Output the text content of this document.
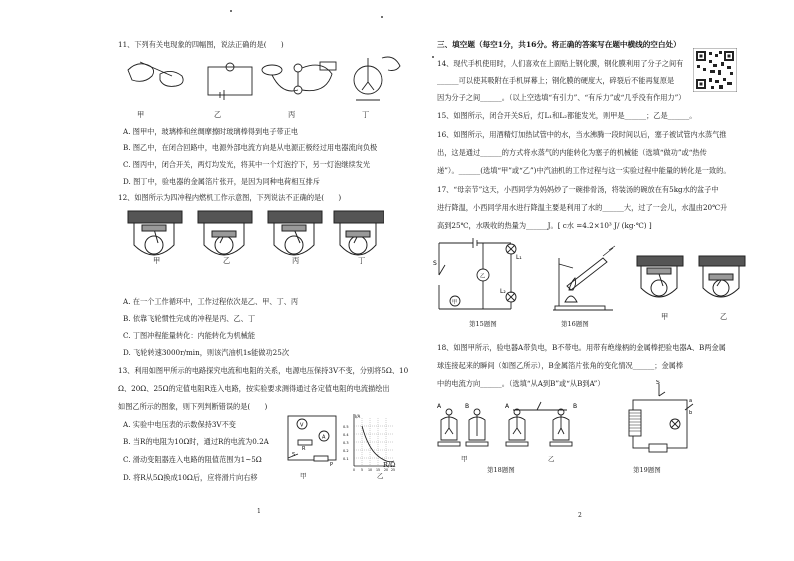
11、下列有关电现象的四幅图，说法正确的是(　　)
甲	乙	丙	丁
A. 图甲中，玻璃棒和丝绸摩擦时玻璃棒得到电子带正电
B. 图乙中，在闭合回路中，电源外部电流方向是从电源正极经过用电器流向负极
C. 图丙中，闭合开关，两灯均发光，将其中一个灯泡拧下，另一灯泡继续发光
D. 图丁中，验电器的金属箔片张开，是因为同种电荷相互排斥
12、如图所示为四冲程内燃机工作示意图，下列说法不正确的是(　　)
甲	乙	丙	丁
A. 在一个工作循环中，工作过程依次是乙、甲、丁、丙
B. 依靠飞轮惯性完成的冲程是丙、乙、丁
C. 丁图冲程能量转化：内能转化为机械能
D. 飞轮转速3000r/min，则该汽油机1s能做功25次
13、利用如图甲所示的电路探究电流和电阻的关系，电源电压保持3V不变，分别将5Ω、10
Ω、20Ω、25Ω的定值电阻R连入电路，按实验要求测得通过各定值电阻的电流描绘出
如图乙所示的图象，则下列判断错误的是(　　)
A. 实验中电压表的示数保持3V不变
B. 当R的电阻为10Ω时，通过R的电流为0.2A
C. 滑动变阻器连入电路的阻值范围为1~5Ω
D. 将R从5Ω换成10Ω后，应将滑片向右移
V
A
R
S
P
甲
I/A
0.5
0.4
0.3
0.2
0.1
0 5 10 15 20 25
乙
R/Ω
1
三、填空题（每空1分，共16分。将正确的答案写在题中横线的空白处）
14、现代手机使用时，人们喜欢在上面贴上钢化膜，钢化膜利用了分子之间有
______可以使其吸附在手机屏幕上；钢化膜的硬度大，碎裂后不能再复原是
因为分子之间______。（以上空选填“有引力”、“有斥力”或“几乎没有作用力”）
15、如图所示，闭合开关S后，灯L₁和L₂都能发光，则甲是______；乙是______。
16、如图所示，用酒精灯加热试管中的水，当水沸腾一段时间以后，塞子被试管内水蒸气推
出，这是通过______的方式将水蒸气的内能转化为塞子的机械能（选填“做功”或“热传
递”）。______(选填“甲”或“乙”)中汽油机的工作过程与这一实验过程中能量的转化是一致的。
17、“母亲节”这天，小西同学为妈妈炒了一碗排骨汤，将装汤的碗放在有5kg水的盆子中
进行降温，小西同学用水进行降温主要是利用了水的______大，过了一会儿，水温由20℃升
高到25℃，水吸收的热量为______J。[ c水 =4.2×10³ J/ (kg·℃) ]
L₁
L₂
S
甲
乙
第15题图	第16题图
甲	乙
18、如图甲所示，验电器A带负电，B不带电。用带有绝缘柄的金属棒把验电器A、B两金属
球连接起来的瞬间（如图乙所示），B金属箔片张角的变化情况______；金属棒
中的电流方向______。（选填“从A到B”或“从B到A”）
A	B	A	B
甲	乙
第18题图
S
a
b
第19题图
2
